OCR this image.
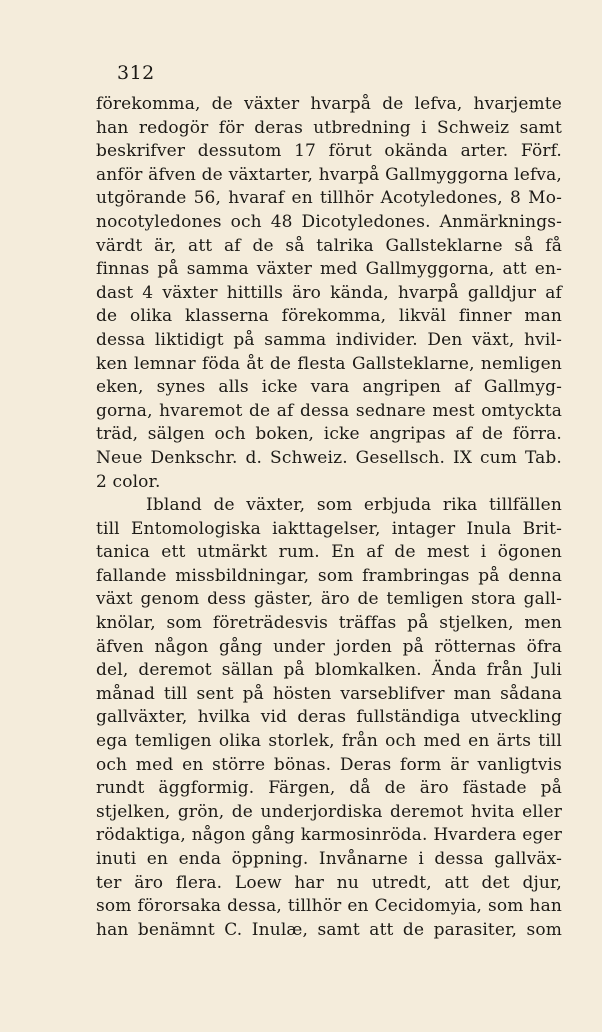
312
förekomma, de växter hvarpå de lefva, hvarjemte
han redogör för deras utbredning i Schweiz samt
beskrifver dessutom 17 förut okända arter. Förf.
anför äfven de växtarter, hvarpå Gallmyggorna lefva,
utgörande 56, hvaraf en tillhör Acotyledones, 8 Mo-
nocotyledones och 48 Dicotyledones. Anmärknings-
värdt är, att af de så talrika Gallsteklarne så få
finnas på samma växter med Gallmyggorna, att en-
dast 4 växter hittills äro kända, hvarpå galldjur af
de olika klasserna förekomma, likväl finner man
dessa liktidigt på samma individer. Den växt, hvil-
ken lemnar föda åt de flesta Gallsteklarne, nemligen
eken, synes alls icke vara angripen af Gallmyg-
gorna, hvaremot de af dessa sednare mest omtyckta
träd, sälgen och boken, icke angripas af de förra.
Neue Denkschr. d. Schweiz. Gesellsch. IX cum Tab.
2 color.
Ibland de växter, som erbjuda rika tillfällen
till Entomologiska iakttagelser, intager Inula Brit-
tanica ett utmärkt rum. En af de mest i ögonen
fallande missbildningar, som frambringas på denna
växt genom dess gäster, äro de temligen stora gall-
knölar, som företrädesvis träffas på stjelken, men
äfven någon gång under jorden på rötternas öfra
del, deremot sällan på blomkalken. Ända från Juli
månad till sent på hösten varseblifver man sådana
gallväxter, hvilka vid deras fullständiga utveckling
ega temligen olika storlek, från och med en ärts till
och med en större bönas. Deras form är vanligtvis
rundt äggformig. Färgen, då de äro fästade på
stjelken, grön, de underjordiska deremot hvita eller
rödaktiga, någon gång karmosinröda. Hvardera eger
inuti en enda öppning. Invånarne i dessa gallväx-
ter äro flera. Loew har nu utredt, att det djur,
som förorsaka dessa, tillhör en Cecidomyia, som han
han benämnt C. Inulæ, samt att de parasiter, som
